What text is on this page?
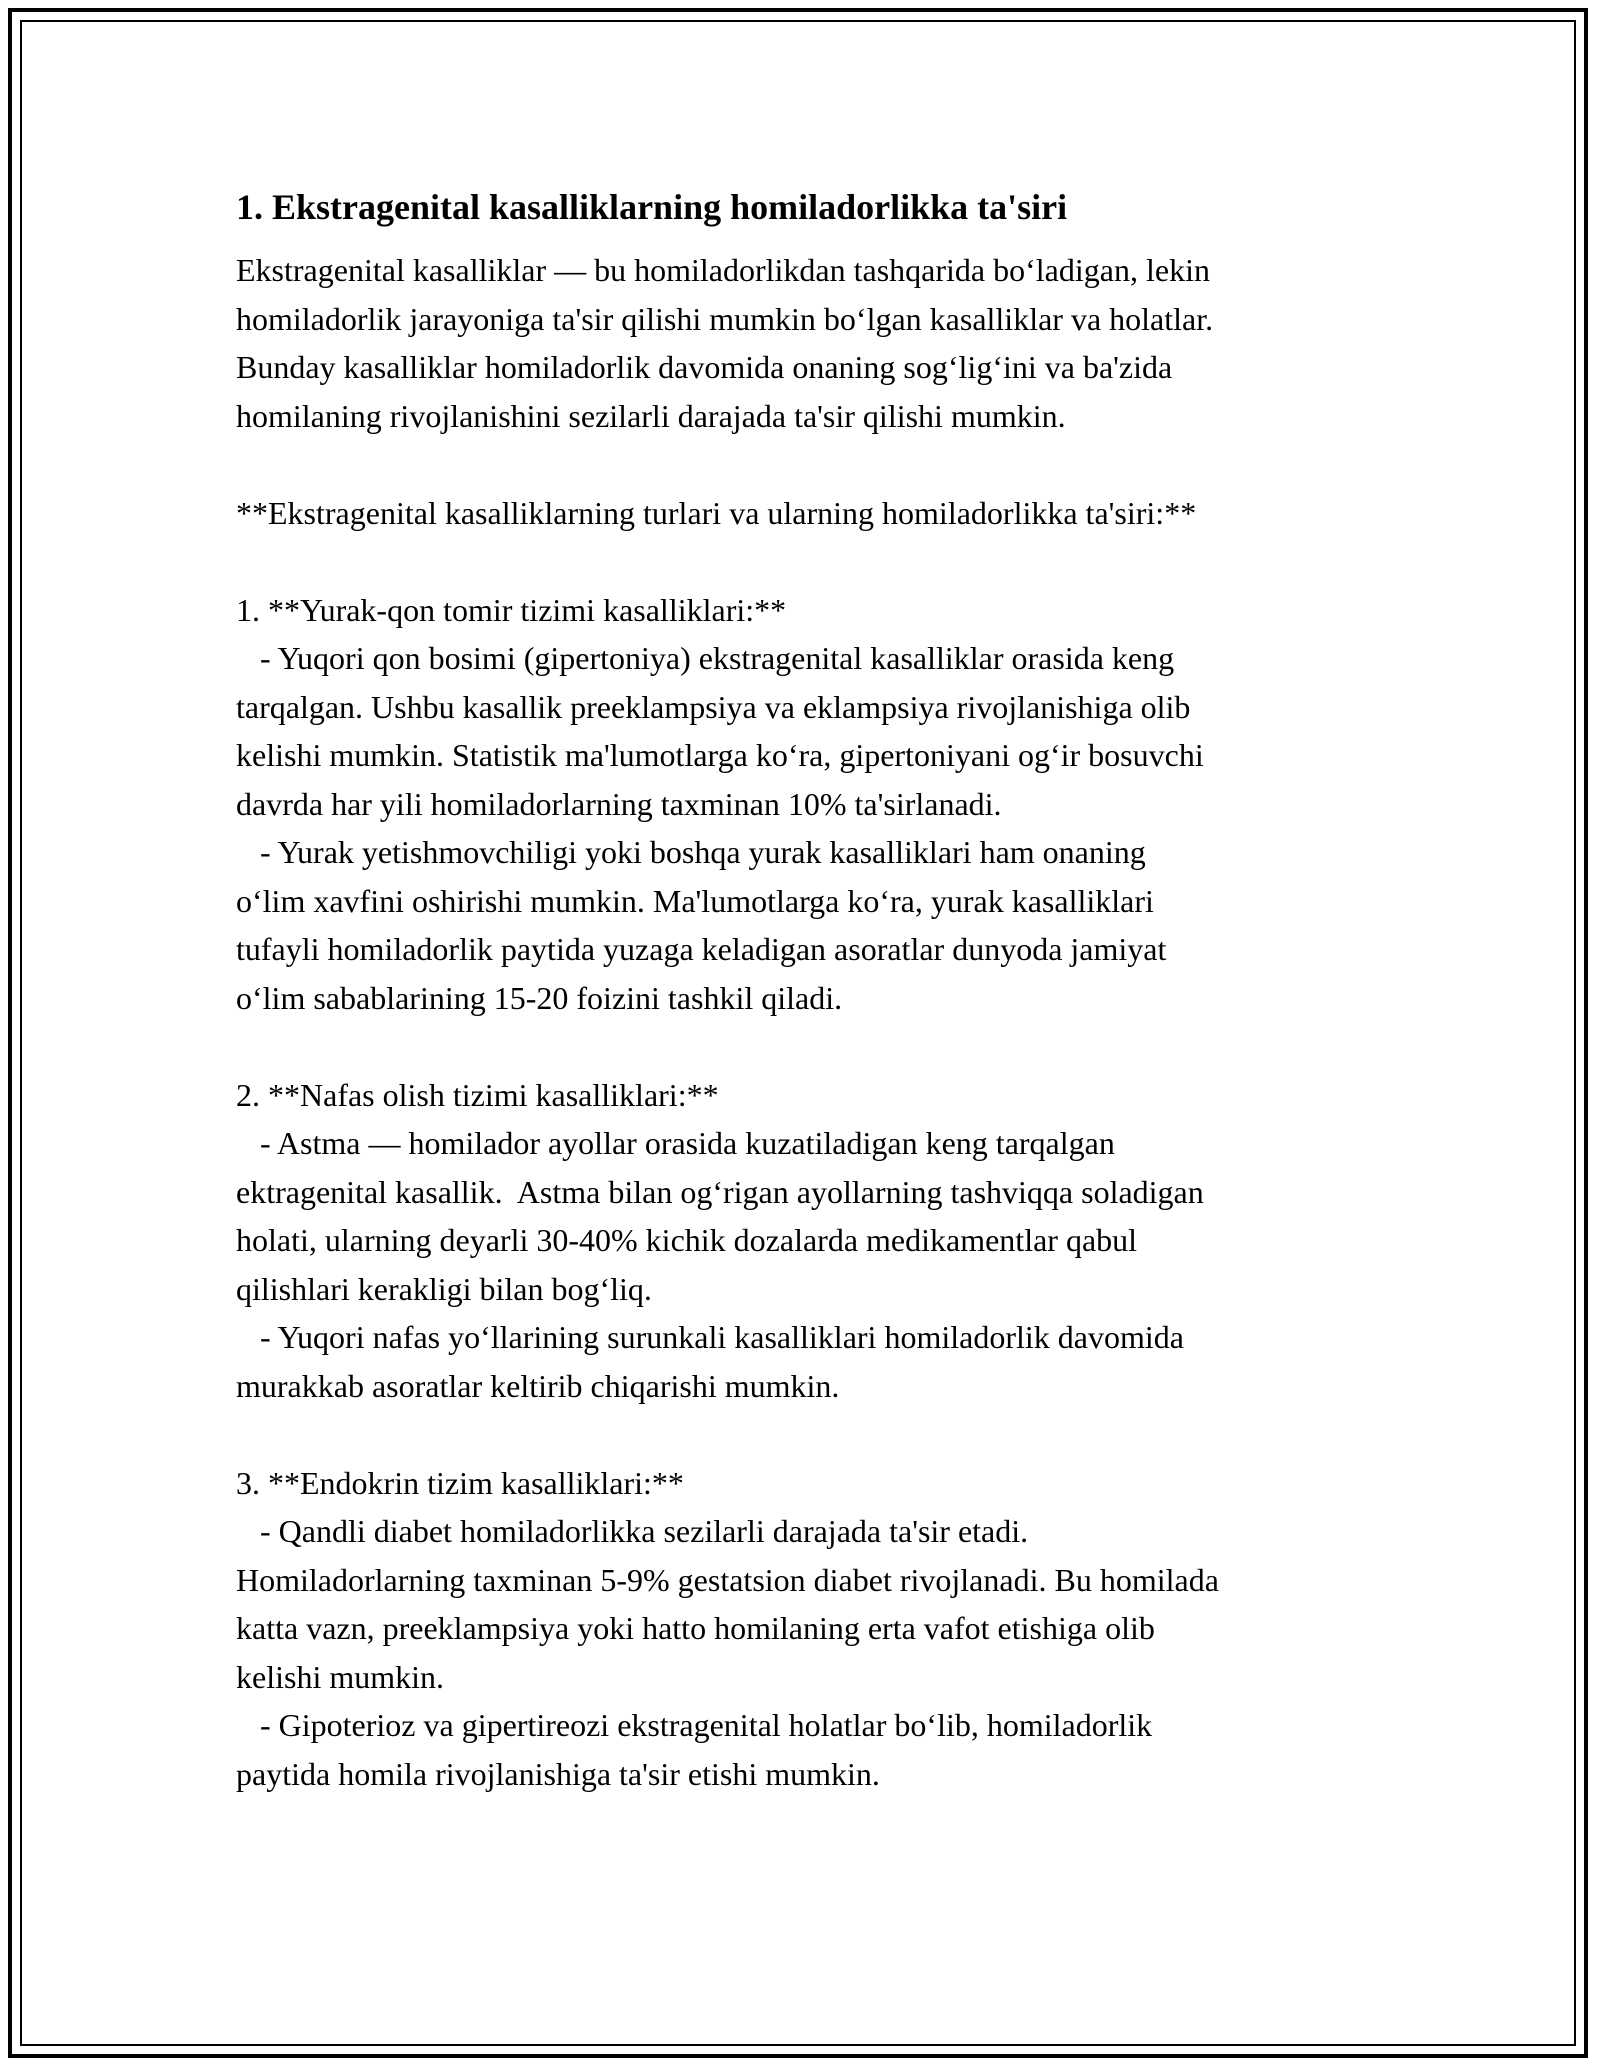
1. Ekstragenital kasalliklarning homiladorlikka ta'siri

Ekstragenital kasalliklar — bu homiladorlikdan tashqarida bo‘ladigan, lekin

homiladorlik jarayoniga ta'sir qilishi mumkin bo‘lgan kasalliklar va holatlar.

Bunday kasalliklar homiladorlik davomida onaning sog‘lig‘ini va ba'zida

homilaning rivojlanishini sezilarli darajada ta'sir qilishi mumkin.

**Ekstragenital kasalliklarning turlari va ularning homiladorlikka ta'siri:**

1. **Yurak-qon tomir tizimi kasalliklari:**

- Yuqori qon bosimi (gipertoniya) ekstragenital kasalliklar orasida keng

tarqalgan. Ushbu kasallik preeklampsiya va eklampsiya rivojlanishiga olib

kelishi mumkin. Statistik ma'lumotlarga ko‘ra, gipertoniyani og‘ir bosuvchi

davrda har yili homiladorlarning taxminan 10% ta'sirlanadi.

- Yurak yetishmovchiligi yoki boshqa yurak kasalliklari ham onaning

o‘lim xavfini oshirishi mumkin. Ma'lumotlarga ko‘ra, yurak kasalliklari

tufayli homiladorlik paytida yuzaga keladigan asoratlar dunyoda jamiyat

o‘lim sabablarining 15-20 foizini tashkil qiladi.

2. **Nafas olish tizimi kasalliklari:**

- Astma — homilador ayollar orasida kuzatiladigan keng tarqalgan

ektragenital kasallik.  Astma bilan og‘rigan ayollarning tashviqqa soladigan

holati, ularning deyarli 30-40% kichik dozalarda medikamentlar qabul

qilishlari kerakligi bilan bog‘liq.

- Yuqori nafas yo‘llarining surunkali kasalliklari homiladorlik davomida

murakkab asoratlar keltirib chiqarishi mumkin.

3. **Endokrin tizim kasalliklari:**

- Qandli diabet homiladorlikka sezilarli darajada ta'sir etadi.

Homiladorlarning taxminan 5-9% gestatsion diabet rivojlanadi. Bu homilada

katta vazn, preeklampsiya yoki hatto homilaning erta vafot etishiga olib

kelishi mumkin.

- Gipoterioz va gipertireozi ekstragenital holatlar bo‘lib, homiladorlik

paytida homila rivojlanishiga ta'sir etishi mumkin.
